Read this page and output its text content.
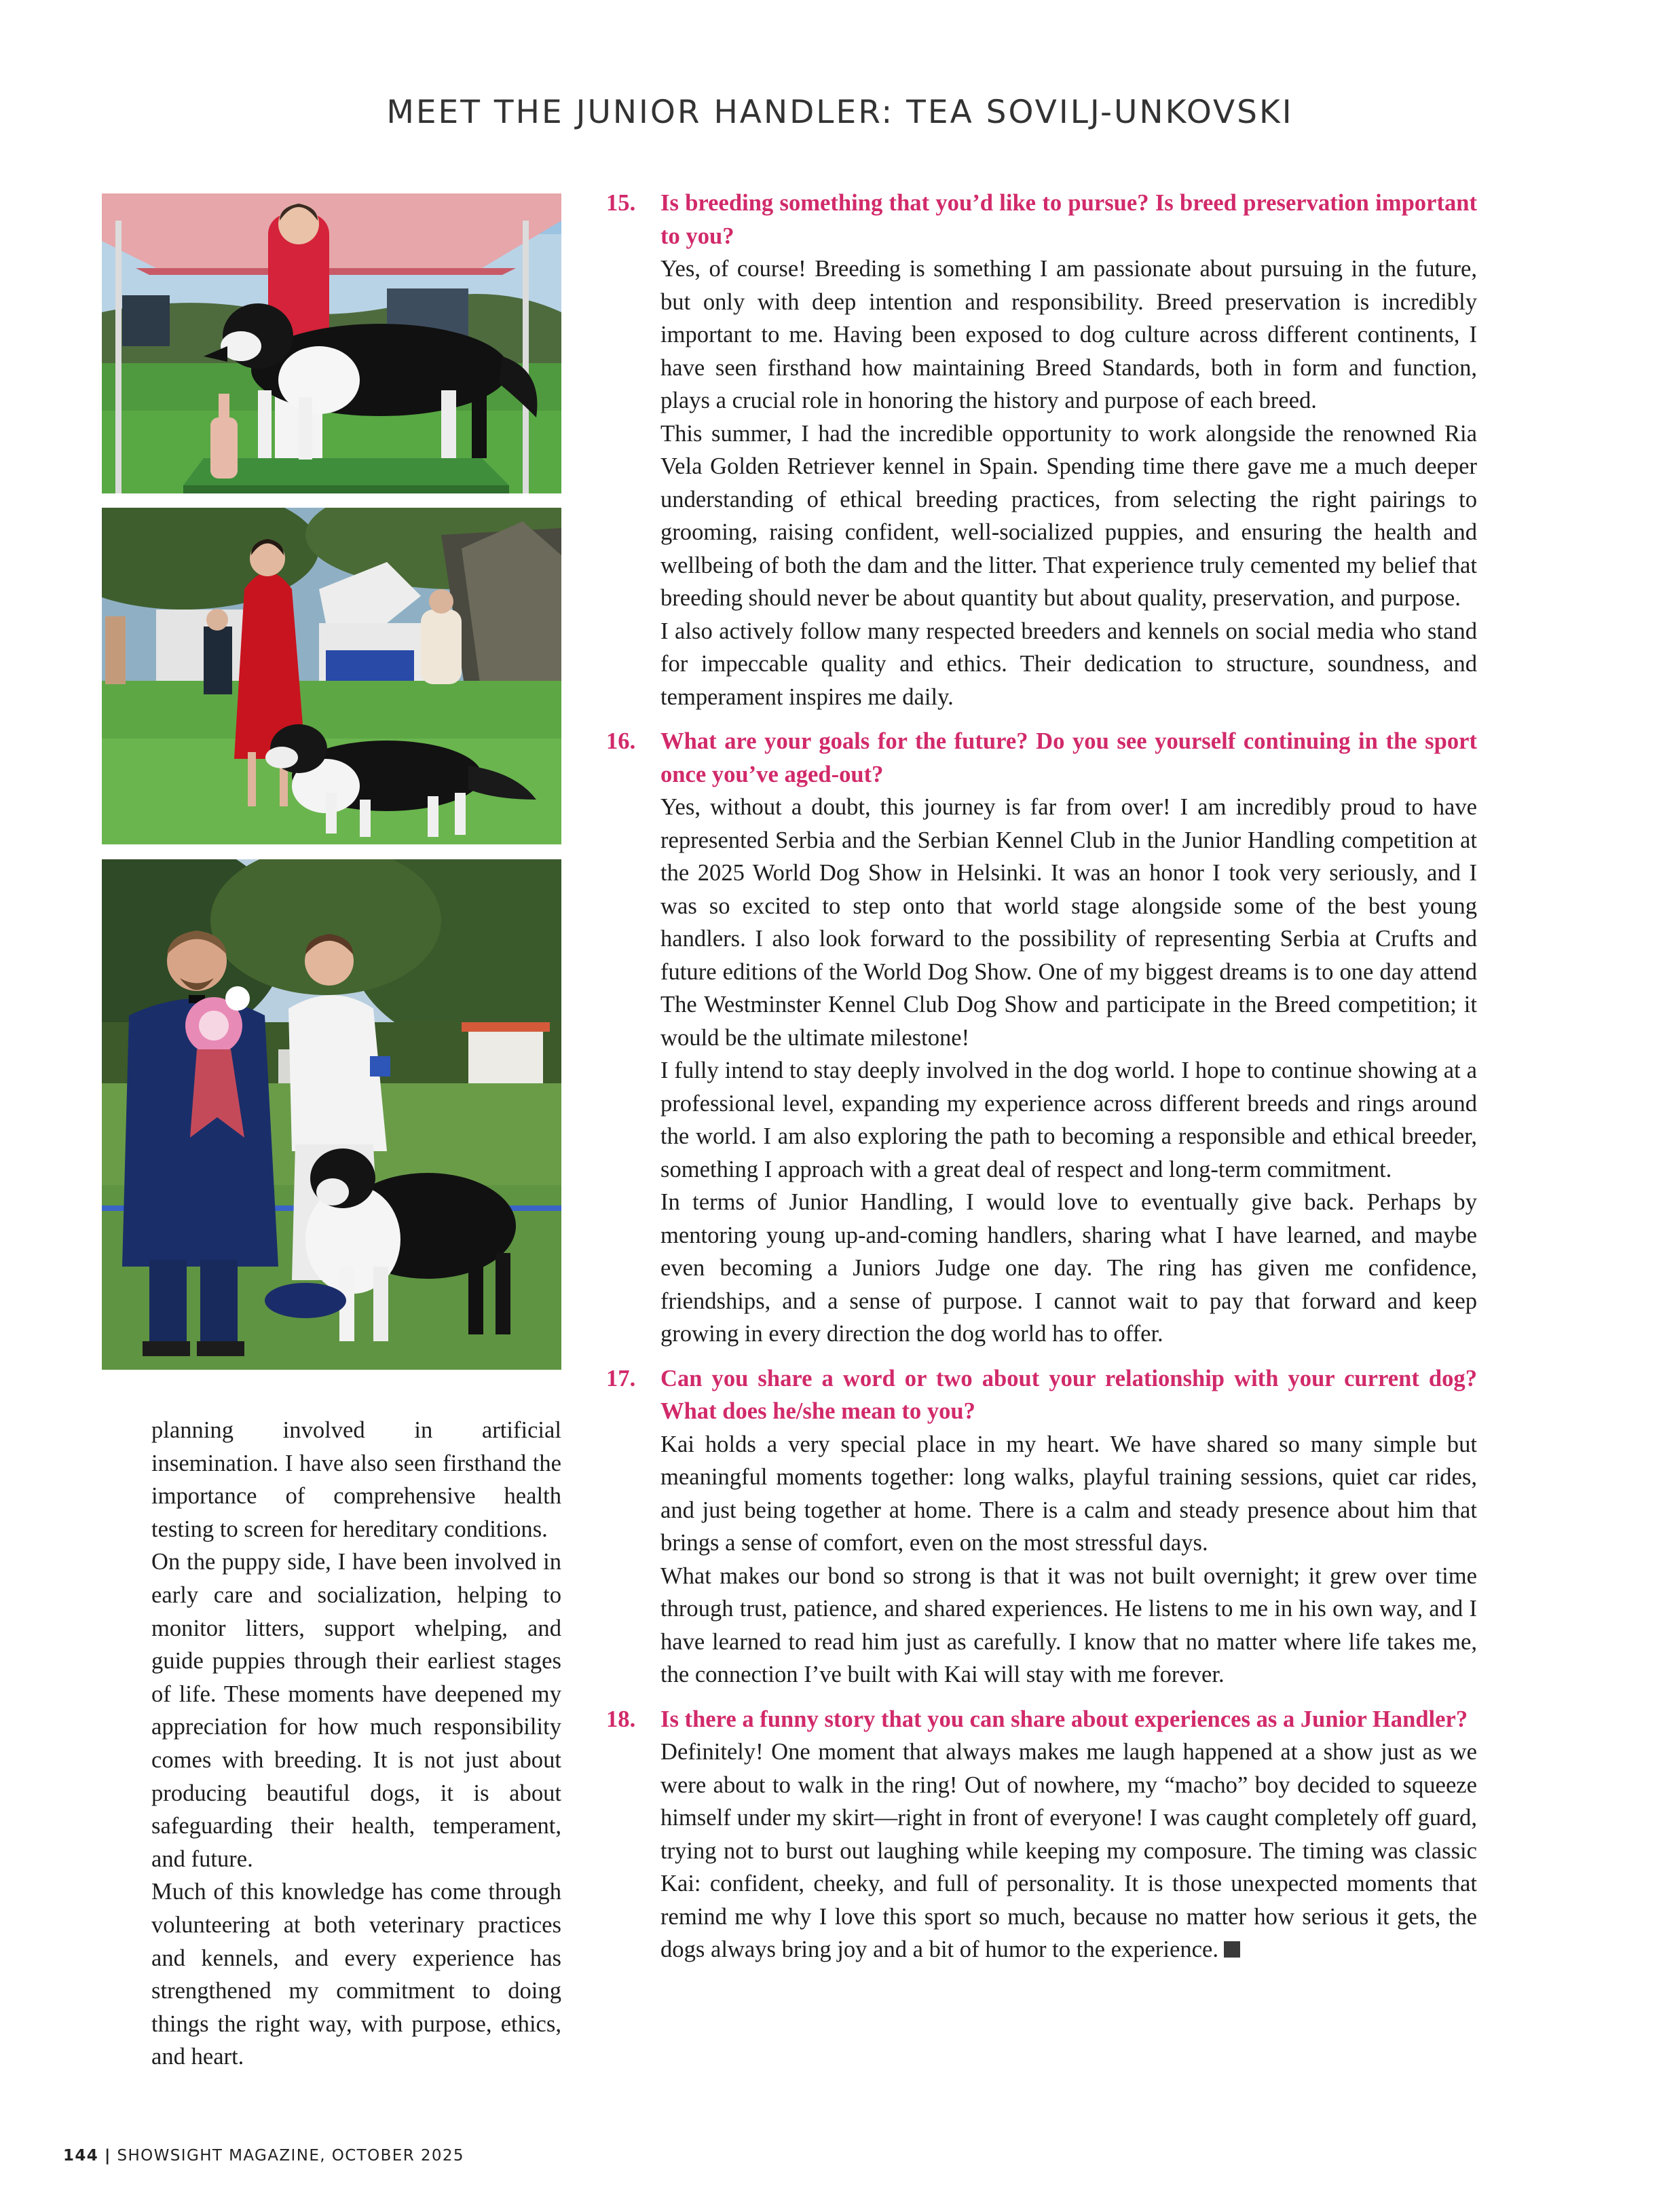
MEET THE JUNIOR HANDLER: TEA SOVILJ-UNKOVSKI

planning involved in artificial insemination. I have also seen firsthand the importance of comprehensive health testing to screen for hereditary conditions.

On the puppy side, I have been involved in early care and socialization, helping to monitor litters, support whelping, and guide puppies through their earliest stages of life. These moments have deepened my appreciation for how much responsibility comes with breeding. It is not just about producing beautiful dogs, it is about safeguarding their health, temperament, and future.

Much of this knowledge has come through volunteering at both veterinary practices and kennels, and every experience has strengthened my commitment to doing things the right way, with purpose, ethics, and heart.

15. Is breeding something that you’d like to pursue? Is breed preservation important to you?

Yes, of course! Breeding is something I am passionate about pursuing in the future, but only with deep intention and responsibility. Breed preservation is incredibly important to me. Having been exposed to dog culture across different continents, I have seen firsthand how maintaining Breed Standards, both in form and function, plays a crucial role in honoring the history and purpose of each breed.

This summer, I had the incredible opportunity to work alongside the renowned Ria Vela Golden Retriever kennel in Spain. Spending time there gave me a much deeper understanding of ethical breeding practices, from selecting the right pairings to grooming, raising confident, well-socialized puppies, and ensuring the health and wellbeing of both the dam and the litter. That experience truly cemented my belief that breeding should never be about quantity but about quality, preservation, and purpose.

I also actively follow many respected breeders and kennels on social media who stand for impeccable quality and ethics. Their dedication to structure, soundness, and temperament inspires me daily.

16. What are your goals for the future? Do you see yourself continuing in the sport once you’ve aged-out?

Yes, without a doubt, this journey is far from over! I am incredibly proud to have represented Serbia and the Serbian Kennel Club in the Junior Handling competition at the 2025 World Dog Show in Helsinki. It was an honor I took very seriously, and I was so excited to step onto that world stage alongside some of the best young handlers. I also look forward to the possibility of representing Serbia at Crufts and future editions of the World Dog Show. One of my biggest dreams is to one day attend The Westminster Kennel Club Dog Show and participate in the Breed competition; it would be the ultimate milestone!

I fully intend to stay deeply involved in the dog world. I hope to continue showing at a professional level, expanding my experience across different breeds and rings around the world. I am also exploring the path to becoming a responsible and ethical breeder, something I approach with a great deal of respect and long-term commitment.

In terms of Junior Handling, I would love to eventually give back. Perhaps by mentoring young up-and-coming handlers, sharing what I have learned, and maybe even becoming a Juniors Judge one day. The ring has given me confidence, friendships, and a sense of purpose. I cannot wait to pay that forward and keep growing in every direction the dog world has to offer.

17. Can you share a word or two about your relationship with your current dog? What does he/she mean to you?

Kai holds a very special place in my heart. We have shared so many simple but meaningful moments together: long walks, playful training sessions, quiet car rides, and just being together at home. There is a calm and steady presence about him that brings a sense of comfort, even on the most stressful days.

What makes our bond so strong is that it was not built overnight; it grew over time through trust, patience, and shared experiences. He listens to me in his own way, and I have learned to read him just as carefully. I know that no matter where life takes me, the connection I’ve built with Kai will stay with me forever.

18. Is there a funny story that you can share about experiences as a Junior Handler?

Definitely! One moment that always makes me laugh happened at a show just as we were about to walk in the ring! Out of nowhere, my “macho” boy decided to squeeze himself under my skirt—right in front of everyone! I was caught completely off guard, trying not to burst out laughing while keeping my composure. The timing was classic Kai: confident, cheeky, and full of personality. It is those unexpected moments that remind me why I love this sport so much, because no matter how serious it gets, the dogs always bring joy and a bit of humor to the experience.

144 | SHOWSIGHT MAGAZINE, OCTOBER 2025
